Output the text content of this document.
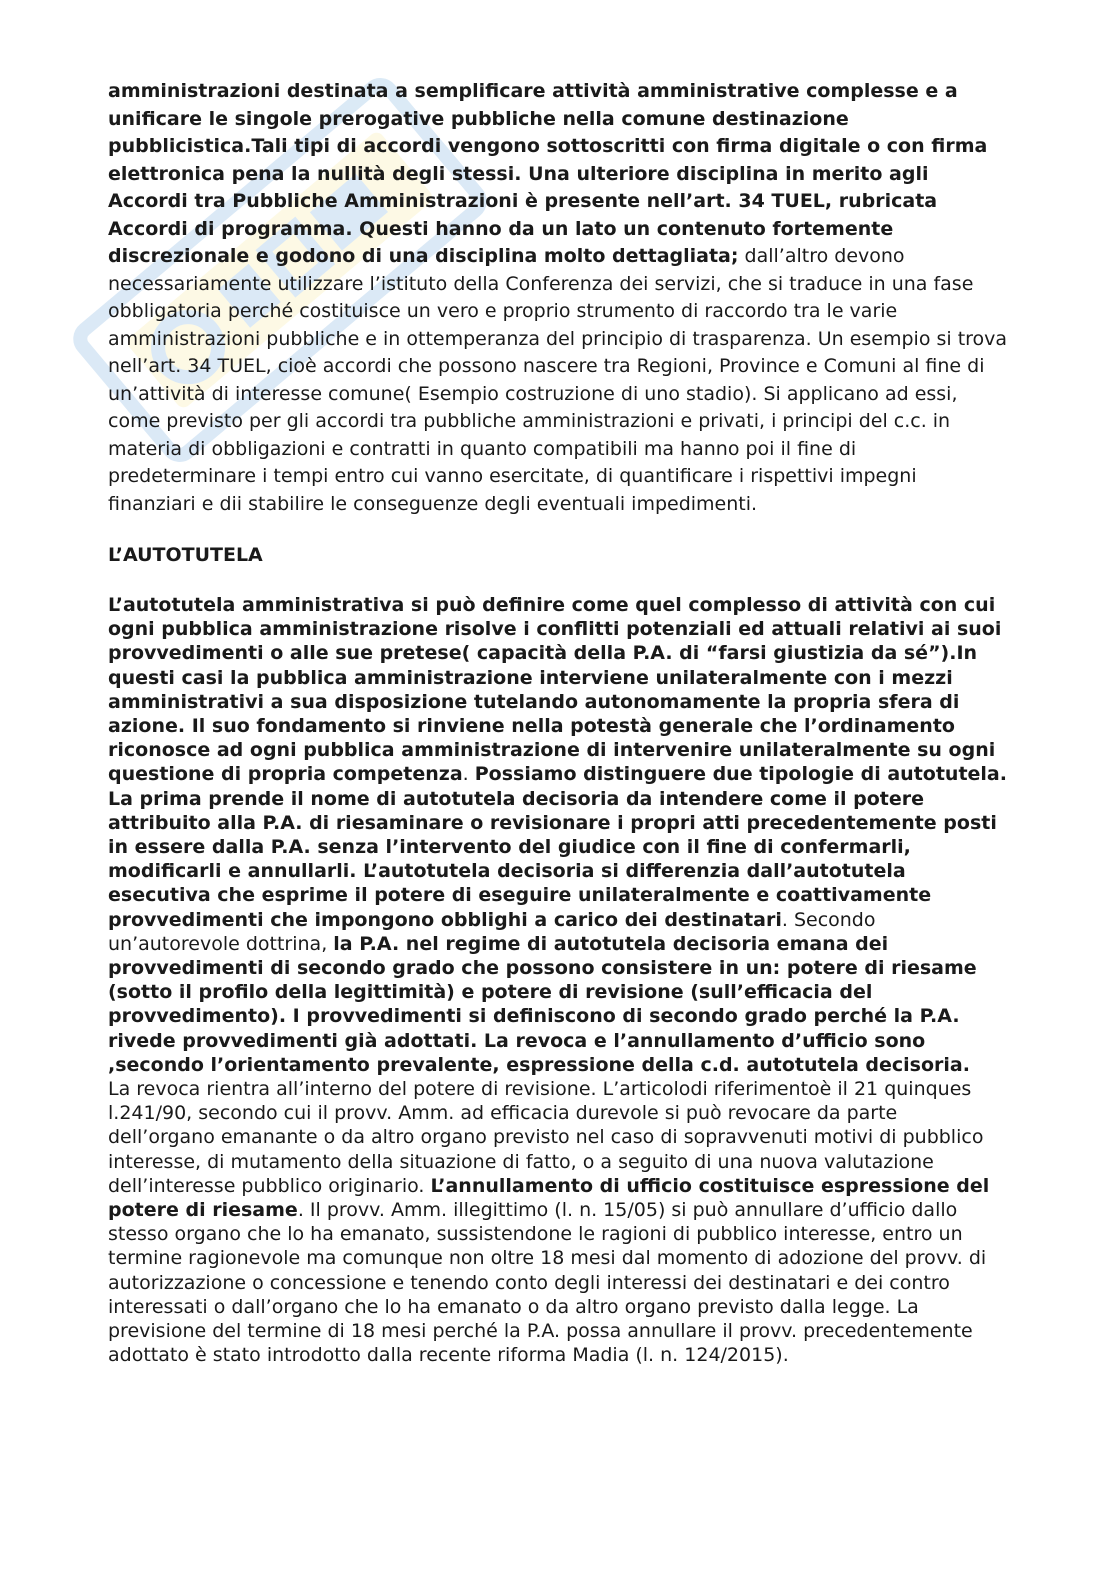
amministrazioni destinata a semplificare attività amministrative complesse e a unificare le singole prerogative pubbliche nella comune destinazione pubblicistica.Tali tipi di accordi vengono sottoscritti con firma digitale o con firma elettronica pena la nullità degli stessi. Una ulteriore disciplina in merito agli Accordi tra Pubbliche Amministrazioni è presente nell’art. 34 TUEL, rubricata Accordi di programma. Questi hanno da un lato un contenuto fortemente discrezionale e godono di una disciplina molto dettagliata; dall’altro devono necessariamente utilizzare l’istituto della Conferenza dei servizi, che si traduce in una fase obbligatoria perché costituisce un vero e proprio strumento di raccordo tra le varie amministrazioni pubbliche e in ottemperanza del principio di trasparenza. Un esempio si trova nell’art. 34 TUEL, cioè accordi che possono nascere tra Regioni, Province e Comuni al fine di un’attività di interesse comune( Esempio costruzione di uno stadio). Si applicano ad essi, come previsto per gli accordi tra pubbliche amministrazioni e privati, i principi del c.c. in materia di obbligazioni e contratti in quanto compatibili ma hanno poi il fine di predeterminare i tempi entro cui vanno esercitate, di quantificare i rispettivi impegni finanziari e dii stabilire le conseguenze degli eventuali impedimenti.

L’AUTOTUTELA

L’autotutela amministrativa si può definire come quel complesso di attività con cui ogni pubblica amministrazione risolve i conflitti potenziali ed attuali relativi ai suoi provvedimenti o alle sue pretese( capacità della P.A. di “farsi giustizia da sé”).In questi casi la pubblica amministrazione interviene unilateralmente con i mezzi amministrativi a sua disposizione tutelando autonomamente la propria sfera di azione. Il suo fondamento si rinviene nella potestà generale che l’ordinamento riconosce ad ogni pubblica amministrazione di intervenire unilateralmente su ogni questione di propria competenza. Possiamo distinguere due tipologie di autotutela. La prima prende il nome di autotutela decisoria da intendere come il potere attribuito alla P.A. di riesaminare o revisionare i propri atti precedentemente posti in essere dalla P.A. senza l’intervento del giudice con il fine di confermarli, modificarli e annullarli. L’autotutela decisoria si differenzia dall’autotutela esecutiva che esprime il potere di eseguire unilateralmente e coattivamente provvedimenti che impongono obblighi a carico dei destinatari. Secondo un’autorevole dottrina, la P.A. nel regime di autotutela decisoria emana dei provvedimenti di secondo grado che possono consistere in un: potere di riesame (sotto il profilo della legittimità) e potere di revisione (sull’efficacia del provvedimento). I provvedimenti si definiscono di secondo grado perché la P.A. rivede provvedimenti già adottati. La revoca e l’annullamento d’ufficio sono ,secondo l’orientamento prevalente, espressione della c.d. autotutela decisoria.

La revoca rientra all’interno del potere di revisione. L’articolodi riferimentoè il 21 quinques l.241/90, secondo cui il provv. Amm. ad efficacia durevole si può revocare da parte dell’organo emanante o da altro organo previsto nel caso di sopravvenuti motivi di pubblico interesse, di mutamento della situazione di fatto, o a seguito di una nuova valutazione dell’interesse pubblico originario. L’annullamento di ufficio costituisce espressione del potere di riesame. Il provv. Amm. illegittimo (l. n. 15/05) si può annullare d’ufficio dallo stesso organo che lo ha emanato, sussistendone le ragioni di pubblico interesse, entro un termine ragionevole ma comunque non oltre 18 mesi dal momento di adozione del provv. di autorizzazione o concessione e tenendo conto degli interessi dei destinatari e dei contro interessati o dall’organo che lo ha emanato o da altro organo previsto dalla legge. La previsione del termine di 18 mesi perché la P.A. possa annullare il provv. precedentemente adottato è stato introdotto dalla recente riforma Madia (l. n. 124/2015).
